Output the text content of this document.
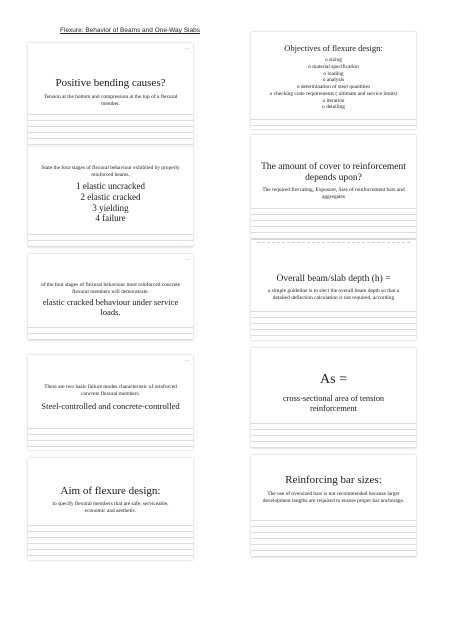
Flexure: Behavior of Beams and One-Way Slabs
—
Positive bending causes?
Tension at the bottom and compression at the top of a flexural member.
Objectives of flexure design:
o sizing
o material specification
o loading
o analysis
o determination of steel quantities
o checking code requirements ( ultimate and service limits)
o iteration
o detailing
State the four stages of flexural behaviour exhibited by properly reinforced beams.
1 elastic uncracked
2 elastic cracked
3 yielding
4 failure
The amount of cover to reinforcement depends upon?
The required fire rating, Exposure, Size of reinforcement bars and aggregates
—
of the four stages of flexural behaviour most reinforced concrete flexural members will demonstrate.
elastic cracked behaviour under service loads.
Overall beam/slab depth (h) =
a simple guideline is to slect the overall beam depth so that a detailed deflection calculation is not required, according
—
There are two basic failure modes characteristic of reinforced concrete flexural members.
Steel-controlled and concrete-controlled
As =
cross-sectional area of tension reinforcement
Aim of flexure design:
to specify flexural members that are safe, serviceable, economic and aesthetic.
Reinforcing bar sizes:
The use of oversized bars is not recommended because larger development lengths are required to ensure proper bar anchorage.
